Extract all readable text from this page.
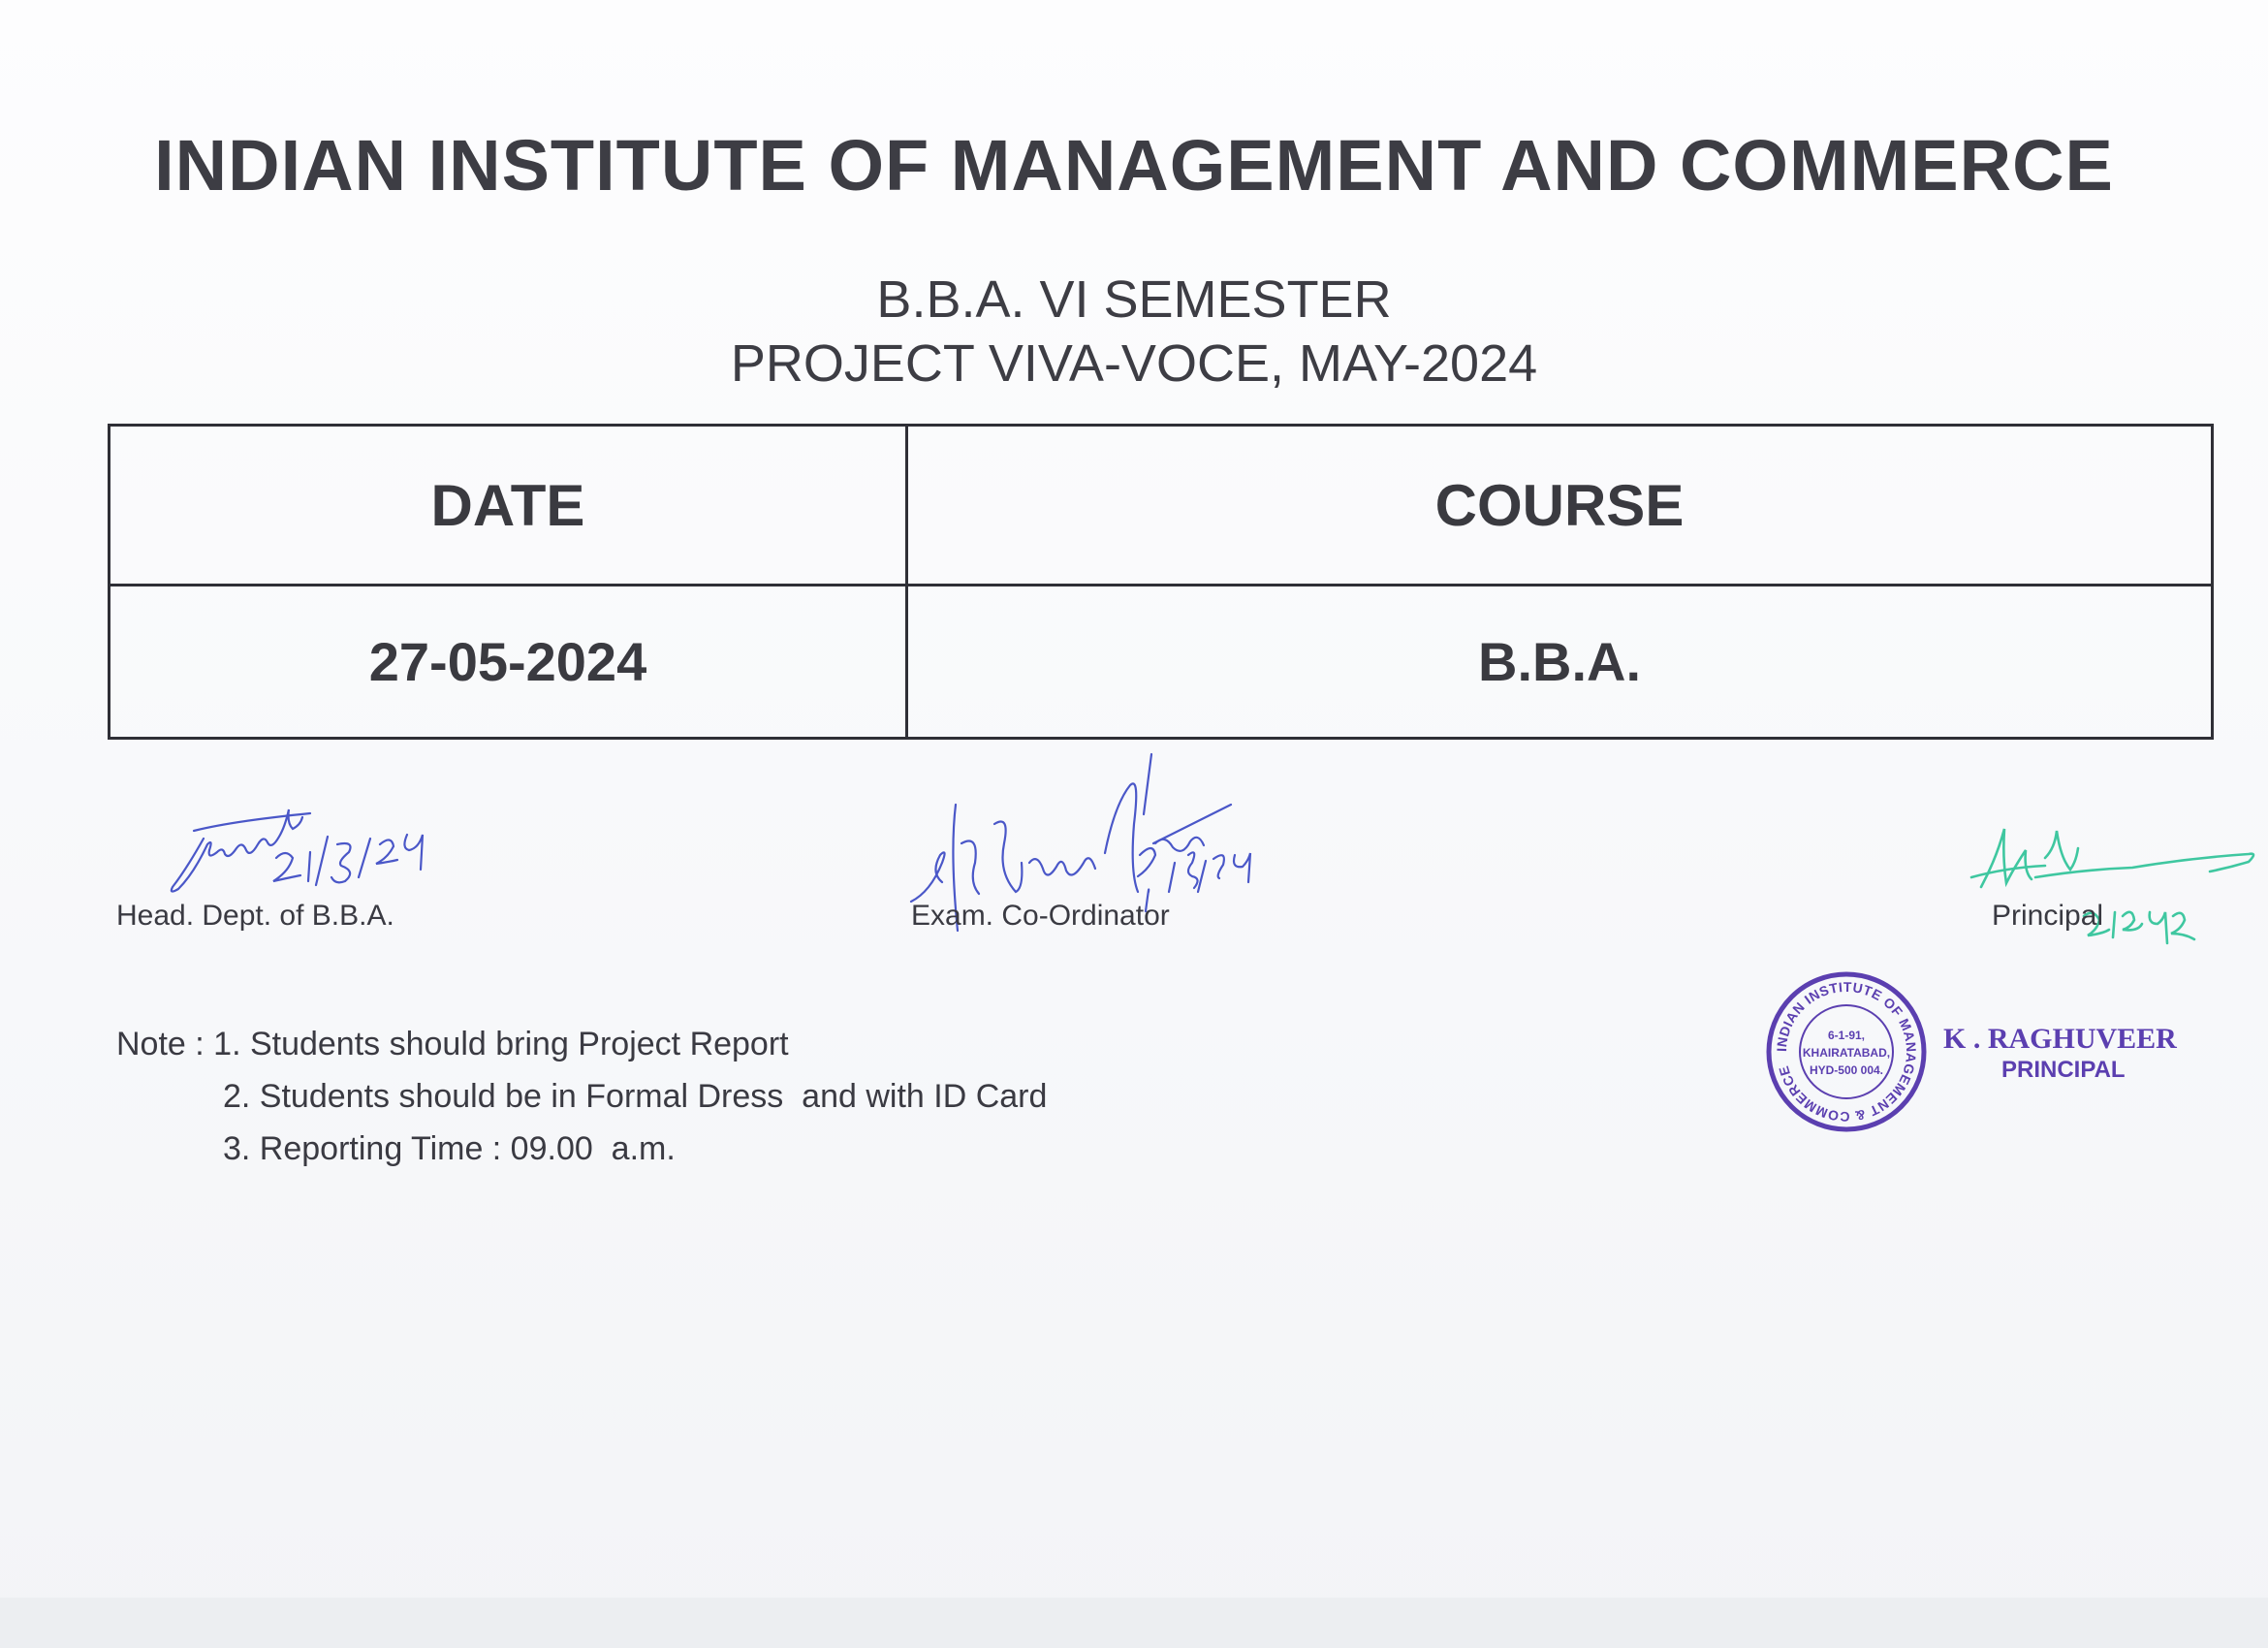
INDIAN INSTITUTE OF MANAGEMENT AND COMMERCE
B.B.A. VI SEMESTER
PROJECT VIVA-VOCE, MAY-2024
DATE	COURSE
27-05-2024	B.B.A.
Head. Dept. of B.B.A.	Exam. Co-Ordinator	Principal
INDIAN INSTITUTE OF MANAGEMENT & COMMERCE
6-1-91,
KHAIRATABAD,
HYD-500 004.
K . RAGHUVEER
PRINCIPAL
Note : 1. Students should bring Project Report
2. Students should be in Formal Dress  and with ID Card
3. Reporting Time : 09.00  a.m.
